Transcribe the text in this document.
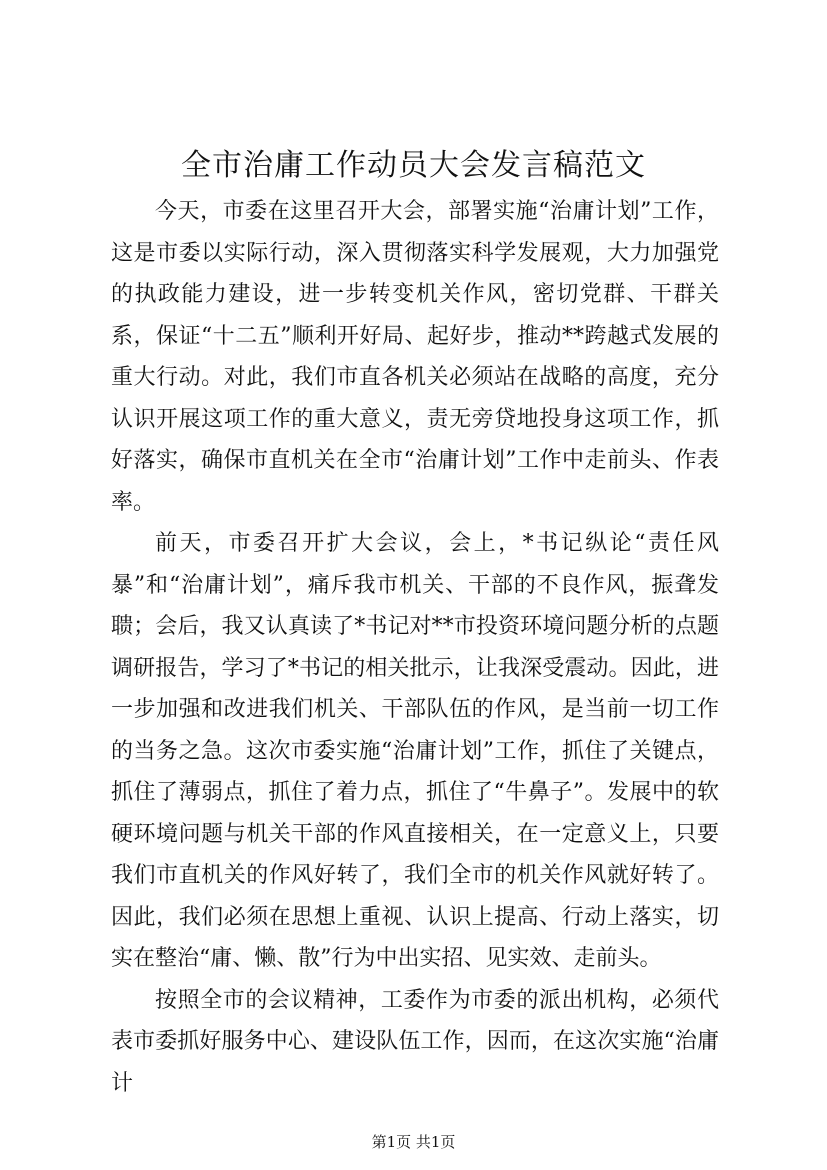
全市治庸工作动员大会发言稿范文

今天，市委在这里召开大会，部署实施“治庸计划”工作，这是市委以实际行动，深入贯彻落实科学发展观，大力加强党的执政能力建设，进一步转变机关作风，密切党群、干群关系，保证“十二五”顺利开好局、起好步，推动**跨越式发展的重大行动。对此，我们市直各机关必须站在战略的高度，充分认识开展这项工作的重大意义，责无旁贷地投身这项工作，抓好落实，确保市直机关在全市“治庸计划”工作中走前头、作表率。

前天，市委召开扩大会议，会上，*书记纵论“责任风暴”和“治庸计划”，痛斥我市机关、干部的不良作风，振聋发聩；会后，我又认真读了*书记对**市投资环境问题分析的点题调研报告，学习了*书记的相关批示，让我深受震动。因此，进一步加强和改进我们机关、干部队伍的作风，是当前一切工作的当务之急。这次市委实施“治庸计划”工作，抓住了关键点，抓住了薄弱点，抓住了着力点，抓住了“牛鼻子”。发展中的软硬环境问题与机关干部的作风直接相关，在一定意义上，只要我们市直机关的作风好转了，我们全市的机关作风就好转了。因此，我们必须在思想上重视、认识上提高、行动上落实，切实在整治“庸、懒、散”行为中出实招、见实效、走前头。

按照全市的会议精神，工委作为市委的派出机构，必须代表市委抓好服务中心、建设队伍工作，因而，在这次实施“治庸计

第1页 共1页
